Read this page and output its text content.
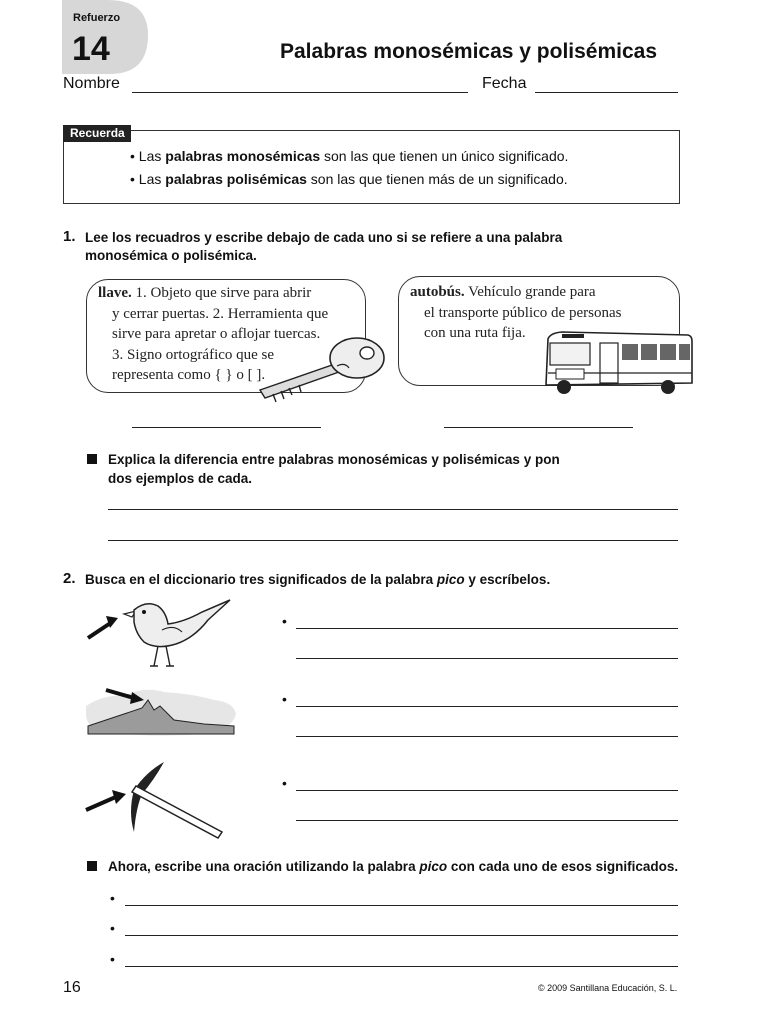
Refuerzo
14	Palabras monosémicas y polisémicas
Nombre	Fecha
Recuerda
• Las palabras monosémicas son las que tienen un único significado.
• Las palabras polisémicas son las que tienen más de un significado.
1. Lee los recuadros y escribe debajo de cada uno si se refiere a una palabra
monosémica o polisémica.
llave. 1. Objeto que sirve para abrir
y cerrar puertas. 2. Herramienta que
sirve para apretar o aflojar tuercas.
3. Signo ortográfico que se
representa como { } o [ ].
autobús. Vehículo grande para
el transporte público de personas
con una ruta fija.
Explica la diferencia entre palabras monosémicas y polisémicas y pon
dos ejemplos de cada.
2. Busca en el diccionario tres significados de la palabra pico y escríbelos.
•
•
•
Ahora, escribe una oración utilizando la palabra pico con cada uno de esos significados.
•
•
•
16	© 2009 Santillana Educación, S. L.
